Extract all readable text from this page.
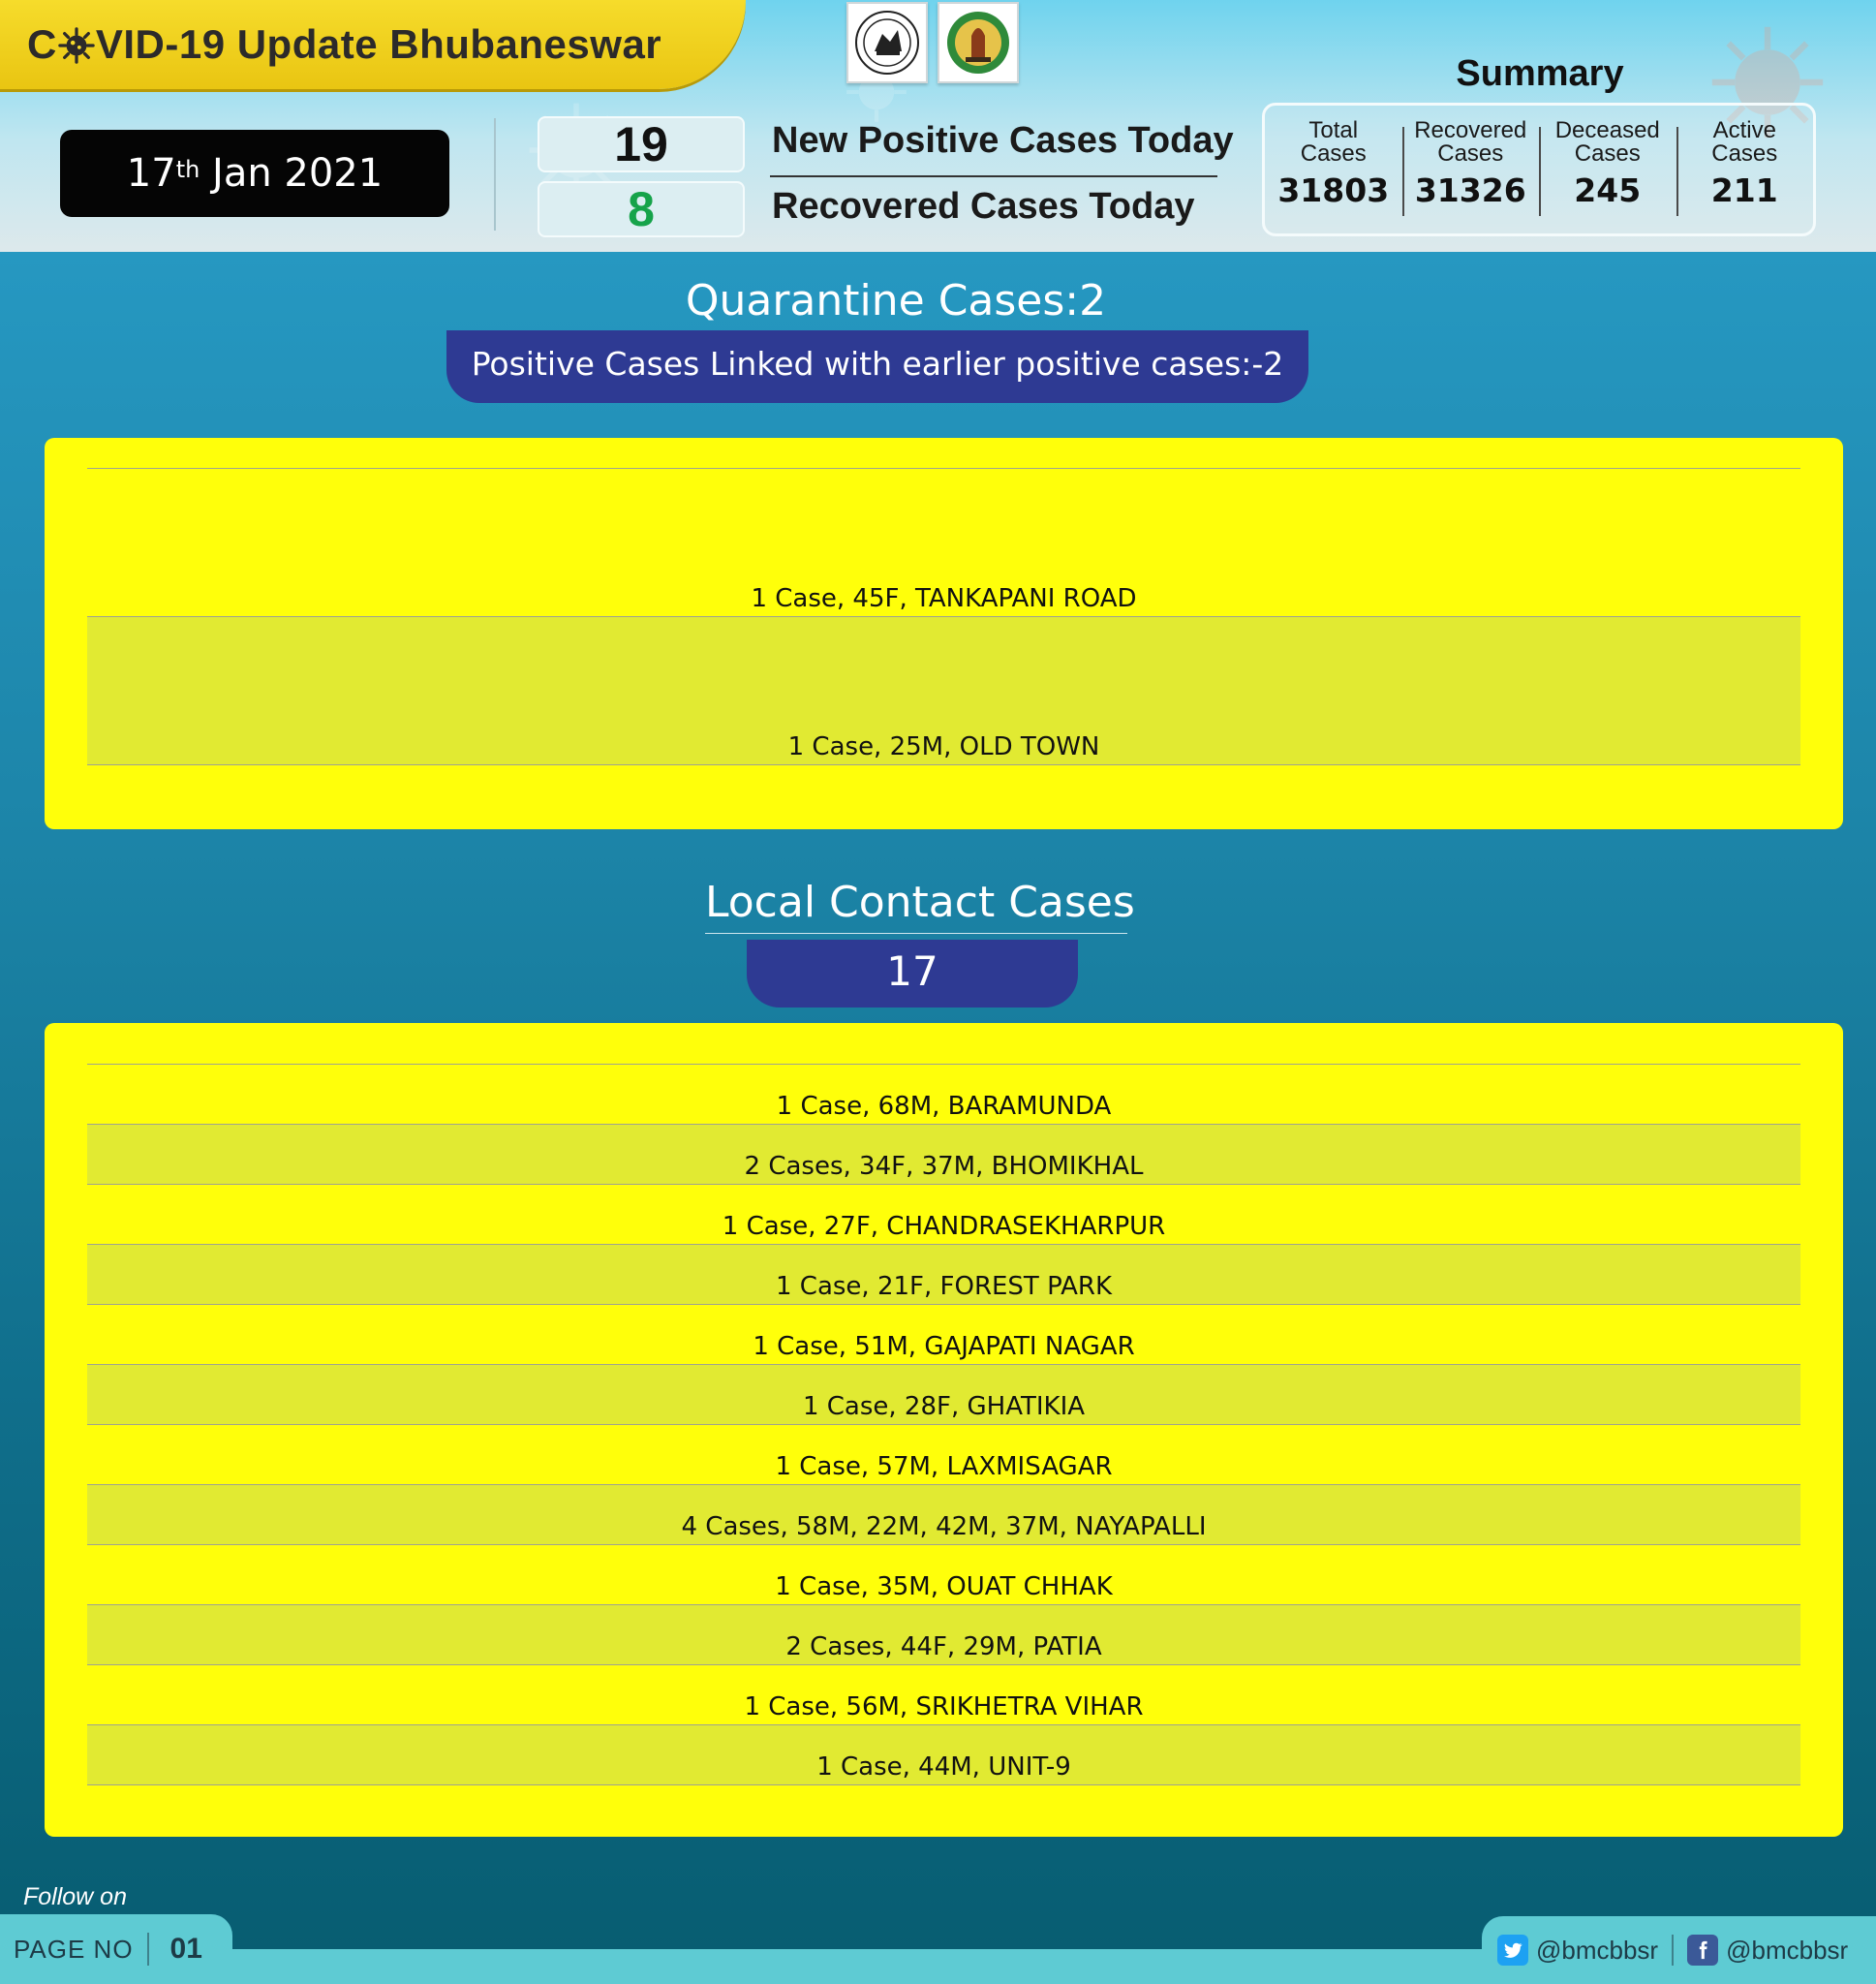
C VID-19 Update Bhubaneswar
17th Jan 2021
19	New Positive Cases Today
8	Recovered Cases Today
Summary
Total
Cases
31803
Recovered
Cases
31326
Deceased
Cases
245
Active
Cases
211
Quarantine Cases:2
Positive Cases Linked with earlier positive cases:-2
1 Case, 45F, TANKAPANI ROAD
1 Case, 25M, OLD TOWN
Local Contact Cases
17
1 Case, 68M, BARAMUNDA
2 Cases, 34F, 37M, BHOMIKHAL
1 Case, 27F, CHANDRASEKHARPUR
1 Case, 21F, FOREST PARK
1 Case, 51M, GAJAPATI NAGAR
1 Case, 28F, GHATIKIA
1 Case, 57M, LAXMISAGAR
4 Cases, 58M, 22M, 42M, 37M, NAYAPALLI
1 Case, 35M, OUAT CHHAK
2 Cases, 44F, 29M, PATIA
1 Case, 56M, SRIKHETRA VIHAR
1 Case, 44M, UNIT-9
Follow on
PAGE NO 01	@bmcbbsr	@bmcbbsr
